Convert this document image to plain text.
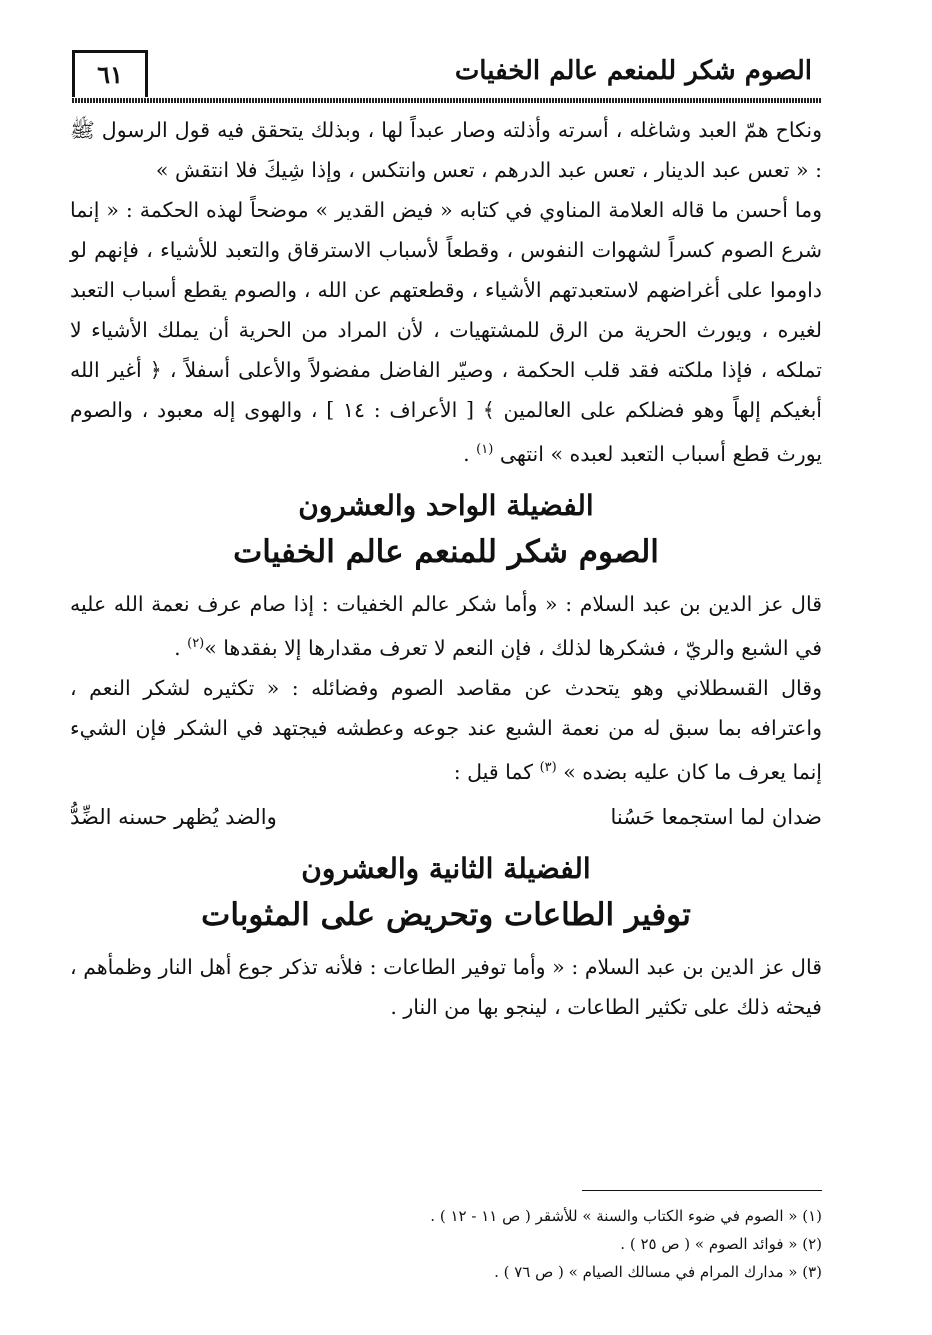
الصوم شكر للمنعم عالم الخفيات
٦١

ونكاح همّ العبد وشاغله ، أسرته وأذلته وصار عبداً لها ، وبذلك يتحقق فيه قول الرسول ﷺ : « تعس عبد الدينار ، تعس عبد الدرهم ، تعس وانتكس ، وإذا شِيكَ فلا انتقش »

وما أحسن ما قاله العلامة المناوي في كتابه « فيض القدير » موضحاً لهذه الحكمة : « إنما شرع الصوم كسراً لشهوات النفوس ، وقطعاً لأسباب الاسترقاق والتعبد للأشياء ، فإنهم لو داوموا على أغراضهم لاستعبدتهم الأشياء ، وقطعتهم عن الله ، والصوم يقطع أسباب التعبد لغيره ، ويورث الحرية من الرق للمشتهيات ، لأن المراد من الحرية أن يملك الأشياء لا تملكه ، فإذا ملكته فقد قلب الحكمة ، وصيّر الفاضل مفضولاً والأعلى أسفلاً ، ﴿ أغير الله أبغيكم إلهاً وهو فضلكم على العالمين ﴾ [ الأعراف : ١٤ ] ، والهوى إله معبود ، والصوم يورث قطع أسباب التعبد لعبده » انتهى $^{(١)}$ .

الفضيلة الواحد والعشرون
الصوم شكر للمنعم عالم الخفيات

قال عز الدين بن عبد السلام : « وأما شكر عالم الخفيات : إذا صام عرف نعمة الله عليه في الشبع والريّ ، فشكرها لذلك ، فإن النعم لا تعرف مقدارها إلا بفقدها »$^{(٢)}$ .

وقال القسطلاني وهو يتحدث عن مقاصد الصوم وفضائله : « تكثيره لشكر النعم ، واعترافه بما سبق له من نعمة الشبع عند جوعه وعطشه فيجتهد في الشكر فإن الشيء إنما يعرف ما كان عليه بضده » $^{(٣)}$ كما قيل :

ضدان لما استجمعا حَسُنا
والضد يُظهر حسنه الضِّدُّ
الفضيلة الثانية والعشرون
توفير الطاعات وتحريض على المثوبات

قال عز الدين بن عبد السلام : « وأما توفير الطاعات : فلأنه تذكر جوع أهل النار وظمأهم ، فيحثه ذلك على تكثير الطاعات ، لينجو بها من النار .

(١) « الصوم في ضوء الكتاب والسنة » للأشقر ( ص ١١ - ١٢ ) .
(٢) « فوائد الصوم » ( ص ٢٥ ) .
(٣) « مدارك المرام في مسالك الصيام » ( ص ٧٦ ) .
